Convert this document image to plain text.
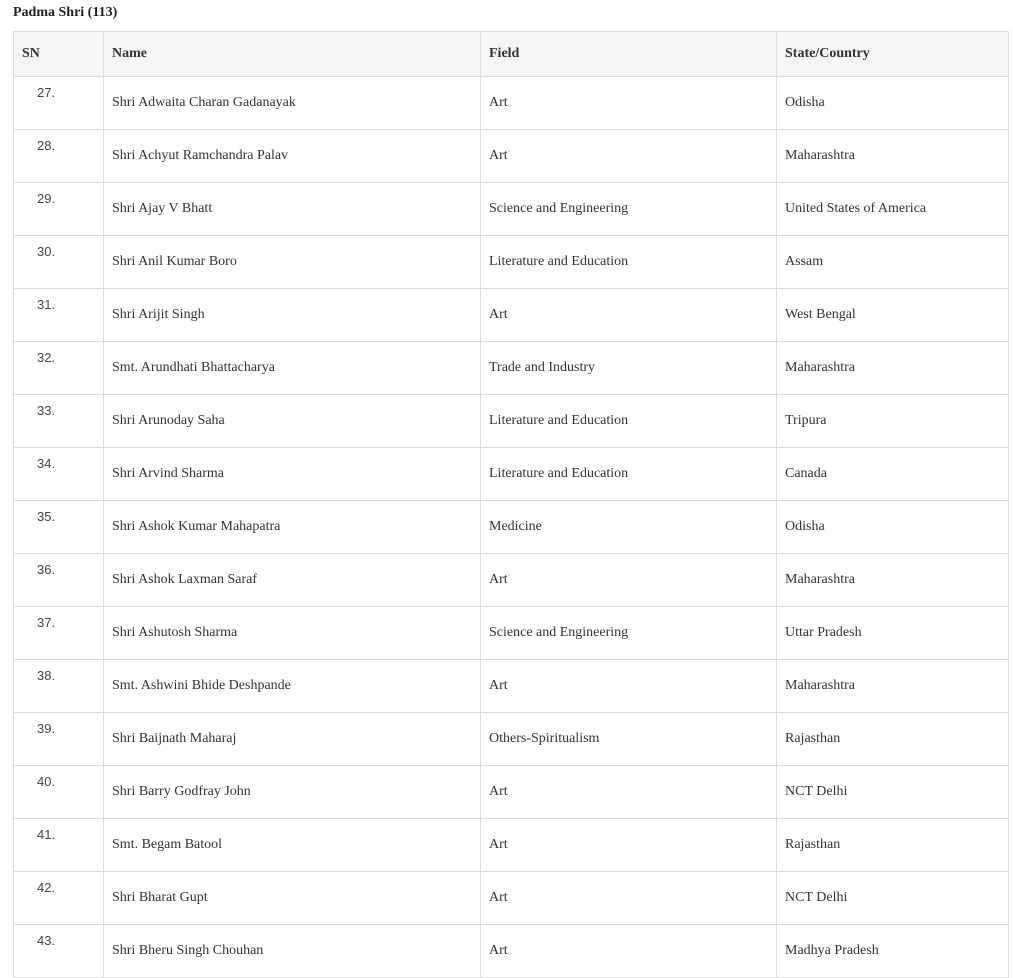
Padma Shri (113)
SN	Name	Field	State/Country
27.	Shri Adwaita Charan Gadanayak	Art	Odisha
28.	Shri Achyut Ramchandra Palav	Art	Maharashtra
29.	Shri Ajay V Bhatt	Science and Engineering	United States of America
30.	Shri Anil Kumar Boro	Literature and Education	Assam
31.	Shri Arijit Singh	Art	West Bengal
32.	Smt. Arundhati Bhattacharya	Trade and Industry	Maharashtra
33.	Shri Arunoday Saha	Literature and Education	Tripura
34.	Shri Arvind Sharma	Literature and Education	Canada
35.	Shri Ashok Kumar Mahapatra	Medicine	Odisha
36.	Shri Ashok Laxman Saraf	Art	Maharashtra
37.	Shri Ashutosh Sharma	Science and Engineering	Uttar Pradesh
38.	Smt. Ashwini Bhide Deshpande	Art	Maharashtra
39.	Shri Baijnath Maharaj	Others-Spiritualism	Rajasthan
40.	Shri Barry Godfray John	Art	NCT Delhi
41.	Smt. Begam Batool	Art	Rajasthan
42.	Shri Bharat Gupt	Art	NCT Delhi
43.	Shri Bheru Singh Chouhan	Art	Madhya Pradesh
